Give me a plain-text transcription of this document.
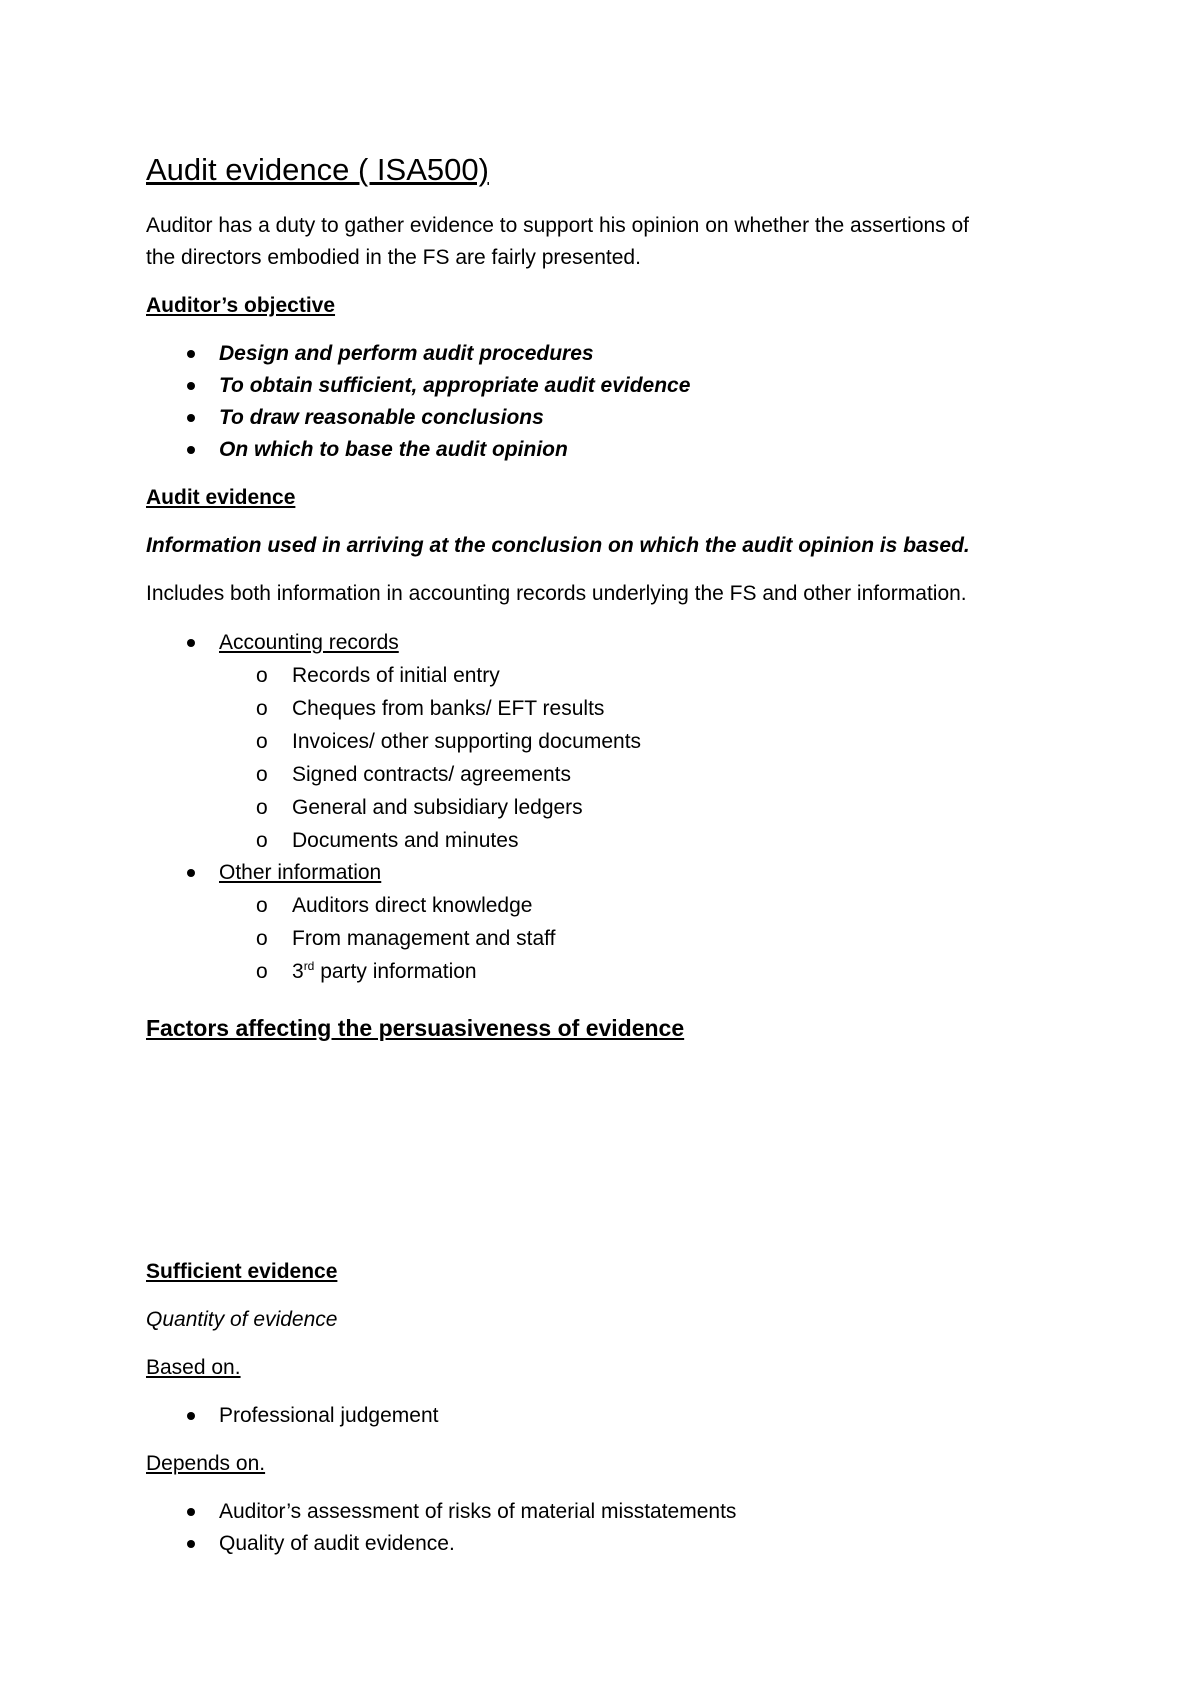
Audit evidence ( ISA500)
Auditor has a duty to gather evidence to support his opinion on whether the assertions of
the directors embodied in the FS are fairly presented.
Auditor’s objective
Design and perform audit procedures
To obtain sufficient, appropriate audit evidence
To draw reasonable conclusions
On which to base the audit opinion
Audit evidence
Information used in arriving at the conclusion on which the audit opinion is based.
Includes both information in accounting records underlying the FS and other information.
Accounting records
o Records of initial entry
o Cheques from banks/ EFT results
o Invoices/ other supporting documents
o Signed contracts/ agreements
o General and subsidiary ledgers
o Documents and minutes
Other information
o Auditors direct knowledge
o From management and staff
o 3rd party information
Factors affecting the persuasiveness of evidence
Sufficient evidence
Quantity of evidence
Based on.
Professional judgement
Depends on.
Auditor’s assessment of risks of material misstatements
Quality of audit evidence.
